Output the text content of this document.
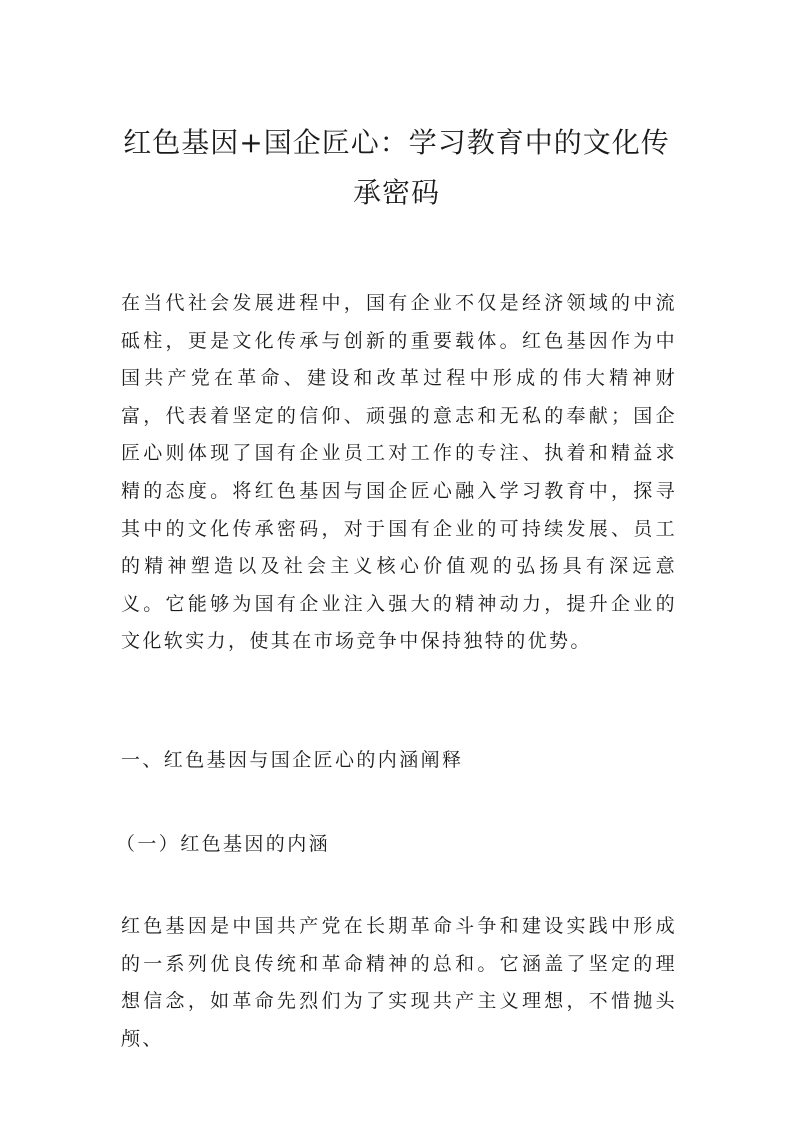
红色基因+国企匠心：学习教育中的文化传承密码

在当代社会发展进程中，国有企业不仅是经济领域的中流砥柱，更是文化传承与创新的重要载体。红色基因作为中国共产党在革命、建设和改革过程中形成的伟大精神财富，代表着坚定的信仰、顽强的意志和无私的奉献；国企匠心则体现了国有企业员工对工作的专注、执着和精益求精的态度。将红色基因与国企匠心融入学习教育中，探寻其中的文化传承密码，对于国有企业的可持续发展、员工的精神塑造以及社会主义核心价值观的弘扬具有深远意义。它能够为国有企业注入强大的精神动力，提升企业的文化软实力，使其在市场竞争中保持独特的优势。

一、红色基因与国企匠心的内涵阐释

（一）红色基因的内涵

红色基因是中国共产党在长期革命斗争和建设实践中形成的一系列优良传统和革命精神的总和。它涵盖了坚定的理想信念，如革命先烈们为了实现共产主义理想，不惜抛头颅、
